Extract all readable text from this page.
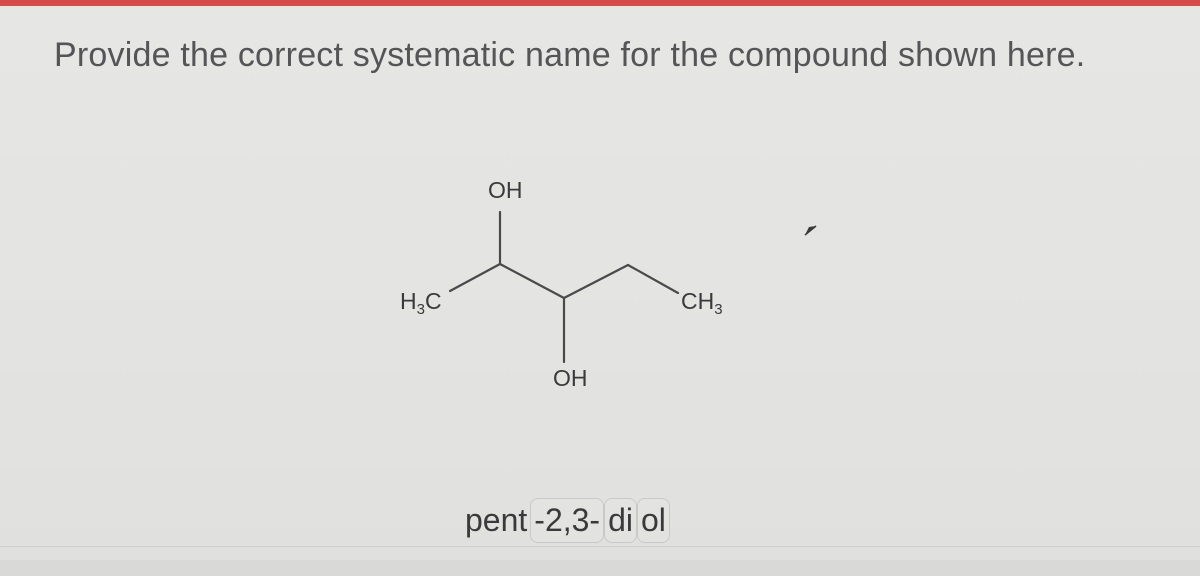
Provide the correct systematic name for the compound shown here.
OH
OH
$H_3C$	$CH_3$
pent -2,3- di ol
